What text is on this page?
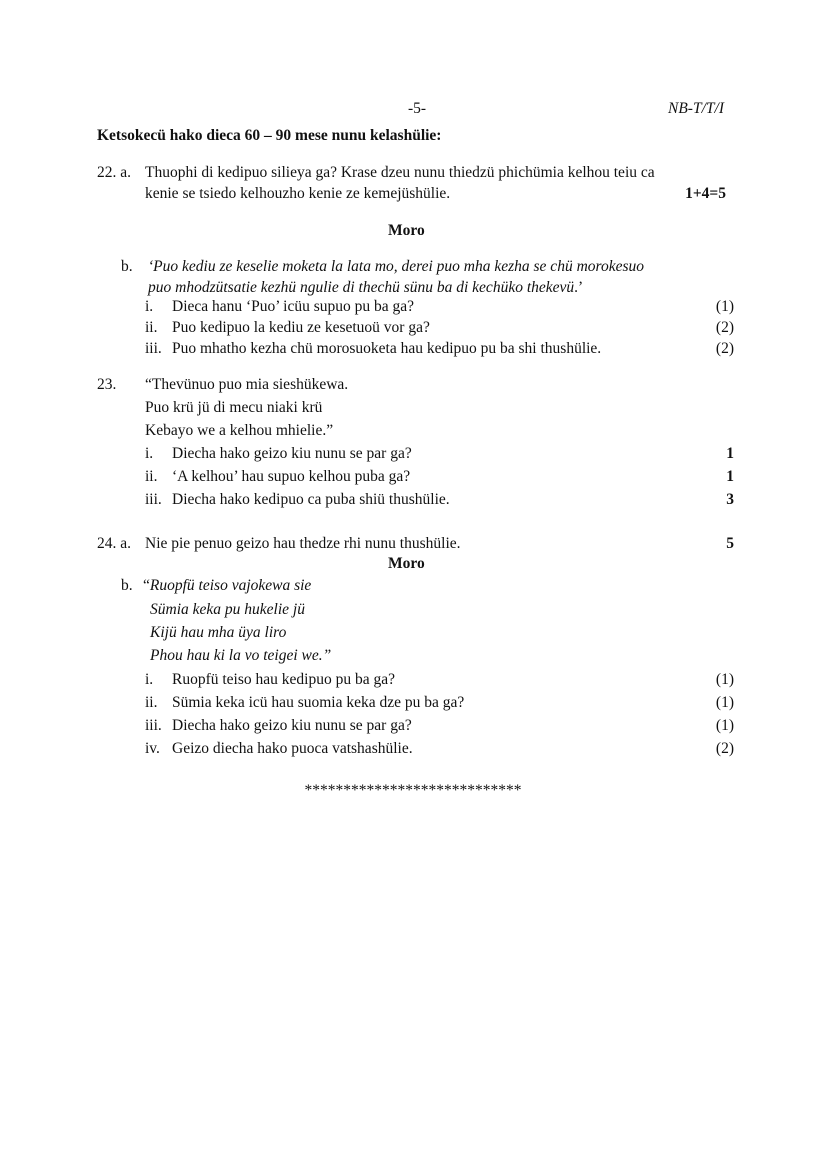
-5-	NB-T/T/I
Ketsokecü hako dieca 60 – 90 mese nunu kelashülie:
22. a. Thuophi di kedipuo silieya ga? Krase dzeu nunu thiedzü phichümia kelhou teiu ca
kenie se tsiedo kelhouzho kenie ze kemejüshülie.	1+4=5
Moro
b. ‘Puo kediu ze keselie moketa la lata mo, derei puo mha kezha se chü morokesuo
puo mhodzütsatie kezhü ngulie di thechü sünu ba di kechüko thekevü.’
i. Dieca hanu ‘Puo’ icüu supuo pu ba ga?	(1)
ii. Puo kedipuo la kediu ze kesetuoü vor ga?	(2)
iii. Puo mhatho kezha chü morosuoketa hau kedipuo pu ba shi thushülie.	(2)
23. “Thevünuo puo mia sieshükewa.
Puo krü jü di mecu niaki krü
Kebayo we a kelhou mhielie.”
i. Diecha hako geizo kiu nunu se par ga?	1
ii. ‘A kelhou’ hau supuo kelhou puba ga?	1
iii. Diecha hako kedipuo ca puba shiü thushülie.	3
24. a. Nie pie penuo geizo hau thedze rhi nunu thushülie.	5
Moro
b. “Ruopfü teiso vajokewa sie
Sümia keka pu hukelie jü
Kijü hau mha üya liro
Phou hau ki la vo teigei we.”
i. Ruopfü teiso hau kedipuo pu ba ga?	(1)
ii. Sümia keka icü hau suomia keka dze pu ba ga?	(1)
iii. Diecha hako geizo kiu nunu se par ga?	(1)
iv. Geizo diecha hako puoca vatshashülie.	(2)
****************************
